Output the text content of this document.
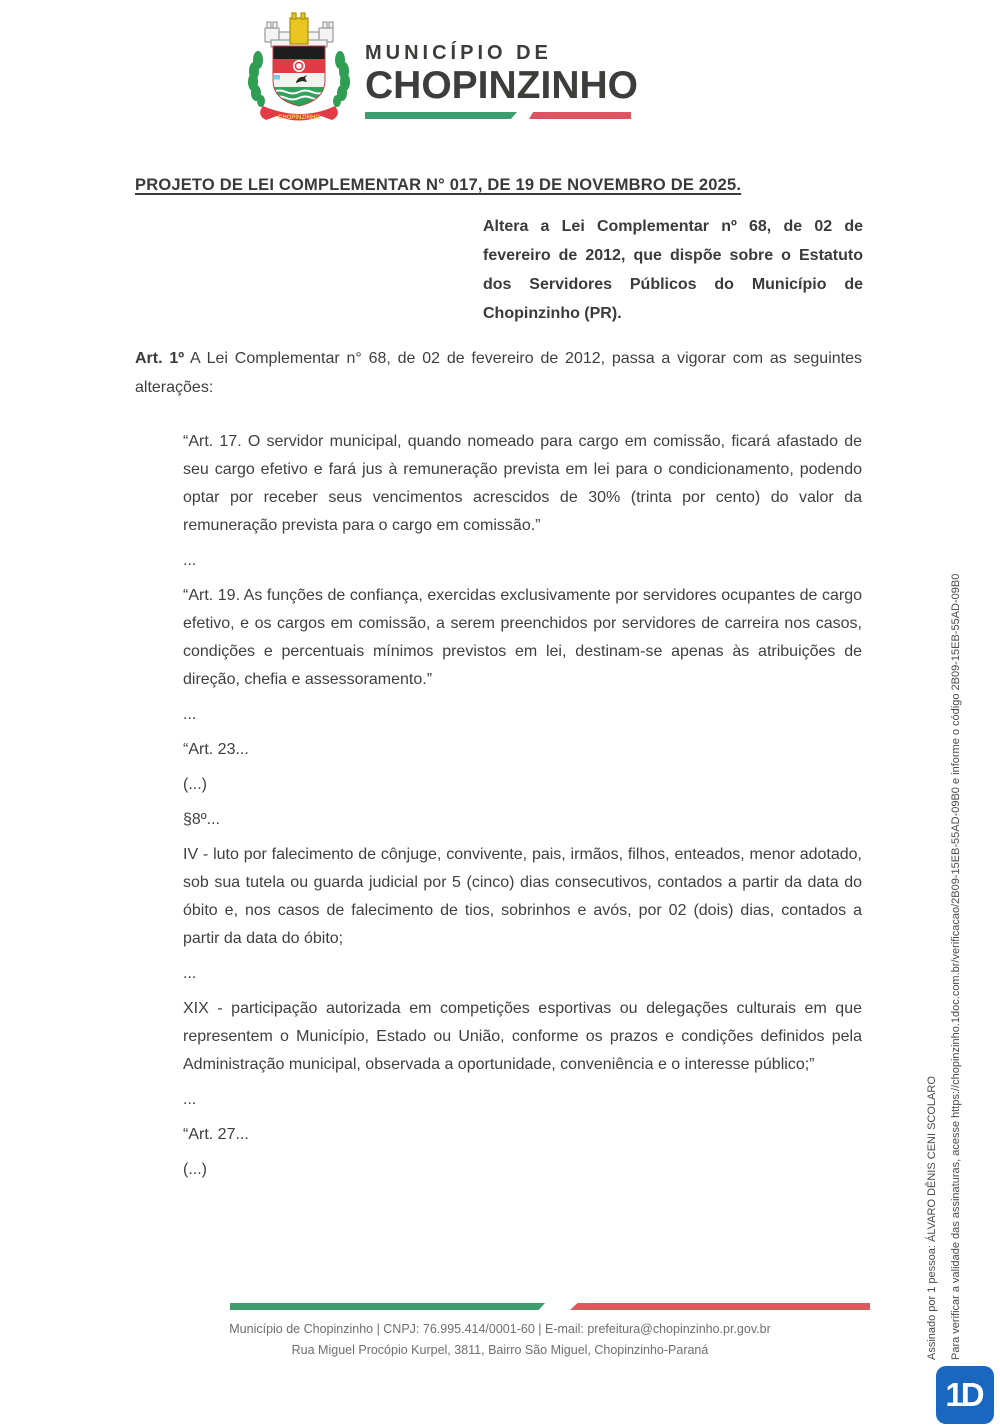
CHOPINZINHO
MUNICÍPIO DE
CHOPINZINHO
PROJETO DE LEI COMPLEMENTAR N° 017, DE 19 DE NOVEMBRO DE 2025.

Altera a Lei Complementar nº 68, de 02 de fevereiro de 2012, que dispõe sobre o Estatuto dos Servidores Públicos do Município de Chopinzinho (PR).

Art. 1º A Lei Complementar n° 68, de 02 de fevereiro de 2012, passa a vigorar com as seguintes alterações:

“Art. 17. O servidor municipal, quando nomeado para cargo em comissão, ficará afastado de seu cargo efetivo e fará jus à remuneração prevista em lei para o condicionamento, podendo optar por receber seus vencimentos acrescidos de 30% (trinta por cento) do valor da remuneração prevista para o cargo em comissão.”

...

“Art. 19. As funções de confiança, exercidas exclusivamente por servidores ocupantes de cargo efetivo, e os cargos em comissão, a serem preenchidos por servidores de carreira nos casos, condições e percentuais mínimos previstos em lei, destinam-se apenas às atribuições de direção, chefia e assessoramento.”

...

“Art. 23...

(...)

§8º...

IV - luto por falecimento de cônjuge, convivente, pais, irmãos, filhos, enteados, menor adotado, sob sua tutela ou guarda judicial por 5 (cinco) dias consecutivos, contados a partir da data do óbito e, nos casos de falecimento de tios, sobrinhos e avós, por 02 (dois) dias, contados a partir da data do óbito;

...

XIX - participação autorizada em competições esportivas ou delegações culturais em que representem o Município, Estado ou União, conforme os prazos e condições definidos pela Administração municipal, observada a oportunidade, conveniência e o interesse público;”

...

“Art. 27...

(...)

Município de Chopinzinho | CNPJ: 76.995.414/0001-60 | E-mail: prefeitura@chopinzinho.pr.gov.br

Rua Miguel Procópio Kurpel, 3811, Bairro São Miguel, Chopinzinho-Paraná	Assinado por 1 pessoa: ÁLVARO DÊNIS CENI SCOLARO	Para verificar a validade das assinaturas, acesse https://chopinzinho.1doc.com.br/verificacao/2B09-15EB-55AD-09B0 e informe o código 2B09-15EB-55AD-09B0
1D
